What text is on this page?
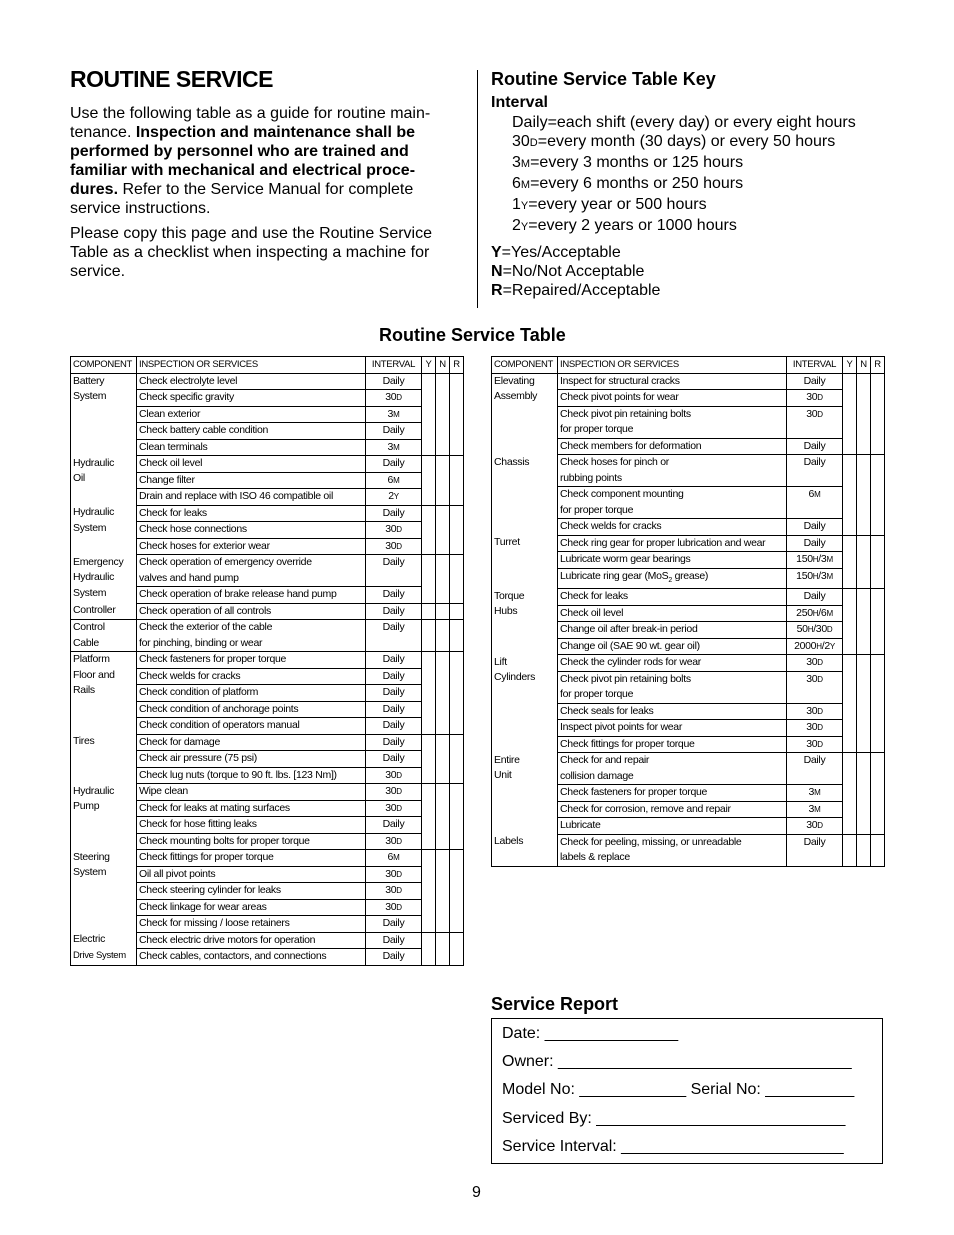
ROUTINE SERVICE

Use the following table as a guide for routine main-tenance. Inspection and maintenance shall be performed by personnel who are trained and familiar with mechanical and electrical proce-dures. Refer to the Service Manual for complete service instructions.

Please copy this page and use the Routine Service Table as a checklist when inspecting a machine for service.

Routine Service Table Key
Interval
Daily=each shift (every day) or every eight hours
30D=every month (30 days) or every 50 hours
3M=every 3 months or 125 hours
6M=every 6 months or 250 hours
1Y=every year or 500 hours
2Y=every 2 years or 1000 hours
Y=Yes/Acceptable
N=No/Not Acceptable
R=Repaired/Acceptable
Routine Service Table
COMPONENT	INSPECTION OR SERVICES	INTERVAL	Y	N	R
Battery
System	Check electrolyte level	Daily			
	Check specific gravity	30D			
	Clean exterior	3M			
	Check battery cable condition	Daily			
	Clean terminals	3M			
Hydraulic
Oil	Check oil level	Daily			
	Change filter	6M			
	Drain and replace with ISO 46 compatible oil	2Y			
Hydraulic
System	Check for leaks	Daily			
	Check hose connections	30D			
	Check hoses for exterior wear	30D			
Emergency
Hydraulic
System	Check operation of emergency override
valves and hand pump	Daily			
	Check operation of brake release hand pump	Daily			
Controller	Check operation of all controls	Daily			
Control
Cable	Check the exterior of the cable
for pinching, binding or wear	Daily			
Platform
Floor and
Rails	Check fasteners for proper torque	Daily			
	Check welds for cracks	Daily			
	Check condition of platform	Daily			
	Check condition of anchorage points	Daily			
	Check condition of operators manual	Daily			
Tires	Check for damage	Daily			
	Check air pressure (75 psi)	Daily			
	Check lug nuts (torque to 90 ft. lbs. [123 Nm])	30D			
Hydraulic
Pump	Wipe clean	30D			
	Check for leaks at mating surfaces	30D			
	Check for hose fitting leaks	Daily			
	Check mounting bolts for proper torque	30D			
Steering
System	Check fittings for proper torque	6M			
	Oil all pivot points	30D			
	Check steering cylinder for leaks	30D			
	Check linkage for wear areas	30D			
	Check for missing / loose retainers	Daily			
Electric
Drive System	Check electric drive motors for operation	Daily			
	Check cables, contactors, and connections	Daily			
COMPONENT	INSPECTION OR SERVICES	INTERVAL	Y	N	R
Elevating
Assembly	Inspect for structural cracks	Daily			
	Check pivot points for wear	30D			
	Check pivot pin retaining bolts
for proper torque	30D			
	Check members for deformation	Daily			
Chassis	Check hoses for pinch or
rubbing points	Daily			
	Check component mounting
for proper torque	6M			
	Check welds for cracks	Daily			
Turret	Check ring gear for proper lubrication and wear	Daily			
	Lubricate worm gear bearings	150H/3M			
	Lubricate ring gear (MoS$_2$ grease)	150H/3M			
Torque
Hubs	Check for leaks	Daily			
	Check oil level	250H/6M			
	Change oil after break-in period	50H/30D			
	Change oil (SAE 90 wt. gear oil)	2000H/2Y			
Lift
Cylinders	Check the cylinder rods for wear	30D			
	Check pivot pin retaining bolts
for proper torque	30D			
	Check seals for leaks	30D			
	Inspect pivot points for wear	30D			
	Check fittings for proper torque	30D			
Entire
Unit	Check for and repair
collision damage	Daily			
	Check fasteners for proper torque	3M			
	Check for corrosion, remove and repair	3M			
	Lubricate	30D			
Labels	Check for peeling, missing, or unreadable
labels & replace	Daily			
Service Report
Date: _______________
Owner: _________________________________
Model No: ____________ Serial No: __________
Serviced By: ____________________________
Service Interval: _________________________
9
